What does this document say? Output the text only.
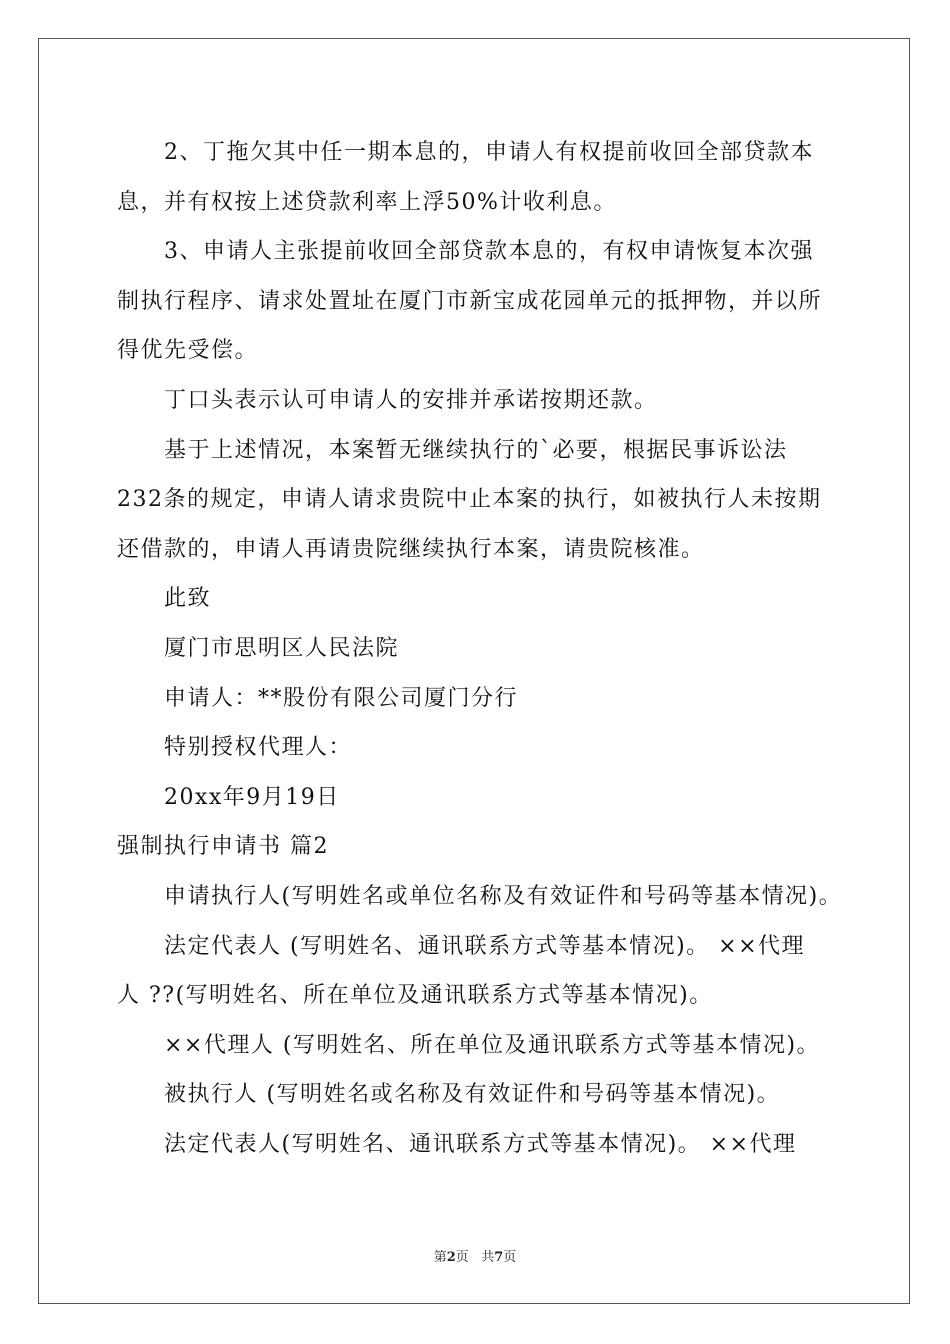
2、丁拖欠其中任一期本息的，申请人有权提前收回全部贷款本
息，并有权按上述贷款利率上浮50%计收利息。
3、申请人主张提前收回全部贷款本息的，有权申请恢复本次强
制执行程序、请求处置址在厦门市新宝成花园单元的抵押物，并以所
得优先受偿。
丁口头表示认可申请人的安排并承诺按期还款。
基于上述情况，本案暂无继续执行的`必要，根据民事诉讼法
232条的规定，申请人请求贵院中止本案的执行，如被执行人未按期
还借款的，申请人再请贵院继续执行本案，请贵院核准。
此致
厦门市思明区人民法院
申请人：**股份有限公司厦门分行
特别授权代理人：
20xx年9月19日
强制执行申请书 篇2
申请执行人(写明姓名或单位名称及有效证件和号码等基本情况)。
法定代表人 (写明姓名、通讯联系方式等基本情况)。 ××代理
人 ??(写明姓名、所在单位及通讯联系方式等基本情况)。
××代理人 (写明姓名、所在单位及通讯联系方式等基本情况)。
被执行人 (写明姓名或名称及有效证件和号码等基本情况)。
法定代表人(写明姓名、通讯联系方式等基本情况)。 ××代理
第2页 共7页
